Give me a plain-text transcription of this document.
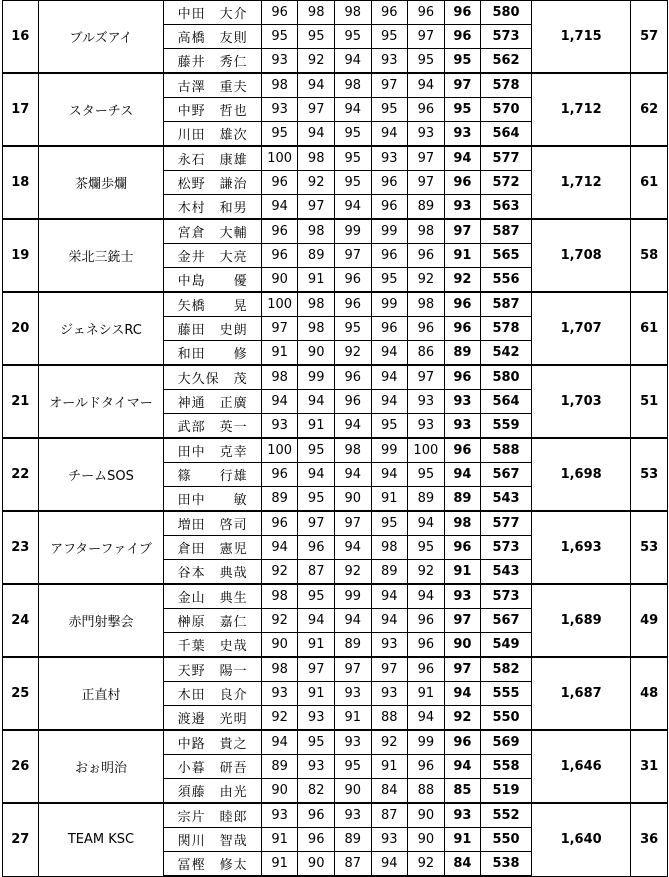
16	ブルズアイ	中田　大介	96	98	98	96	96	96	580	1,715	57
		高橋　友則	95	95	95	95	97	96	573		
		藤井　秀仁	93	92	94	93	95	95	562		
17	スターチス	古澤　重夫	98	94	98	97	94	97	578	1,712	62
		中野　哲也	93	97	94	95	96	95	570		
		川田　雄次	95	94	95	94	93	93	564		
18	茶爛歩爛	永石　康雄	100	98	95	93	97	94	577	1,712	61
		松野　謙治	96	92	95	96	97	96	572		
		木村　和男	94	97	94	96	89	93	563		
19	栄北三銃士	宮倉　大輔	96	98	99	99	98	97	587	1,708	58
		金井　大亮	96	89	97	96	96	91	565		
		中島　　優	90	91	96	95	92	92	556		
20	ジェネシスRC	矢橋　　晃	100	98	96	99	98	96	587	1,707	61
		藤田　史朗	97	98	95	96	96	96	578		
		和田　　修	91	90	92	94	86	89	542		
21	オールドタイマー	大久保　茂	98	99	96	94	97	96	580	1,703	51
		神通　正廣	94	94	96	94	93	93	564		
		武部　英一	93	91	94	95	93	93	559		
22	チームSOS	田中　克幸	100	95	98	99	100	96	588	1,698	53
		篠　　行雄	96	94	94	94	95	94	567		
		田中　　敏	89	95	90	91	89	89	543		
23	アフターファイブ	増田　啓司	96	97	97	95	94	98	577	1,693	53
		倉田　憲児	94	96	94	98	95	96	573		
		谷本　典哉	92	87	92	89	92	91	543		
24	赤門射撃会	金山　典生	98	95	99	94	94	93	573	1,689	49
		榊原　嘉仁	92	94	94	94	96	97	567		
		千葉　史哉	90	91	89	93	96	90	549		
25	正直村	天野　陽一	98	97	97	97	96	97	582	1,687	48
		木田　良介	93	91	93	93	91	94	555		
		渡邉　光明	92	93	91	88	94	92	550		
26	おぉ明治	中路　貴之	94	95	93	92	99	96	569	1,646	31
		小暮　研吾	89	93	95	91	96	94	558		
		須藤　由光	90	82	90	84	88	85	519		
27	TEAM KSC	宗片　睦郎	93	96	93	87	90	93	552	1,640	36
		関川　智哉	91	96	89	93	90	91	550		
		冨樫　修太	91	90	87	94	92	84	538		
